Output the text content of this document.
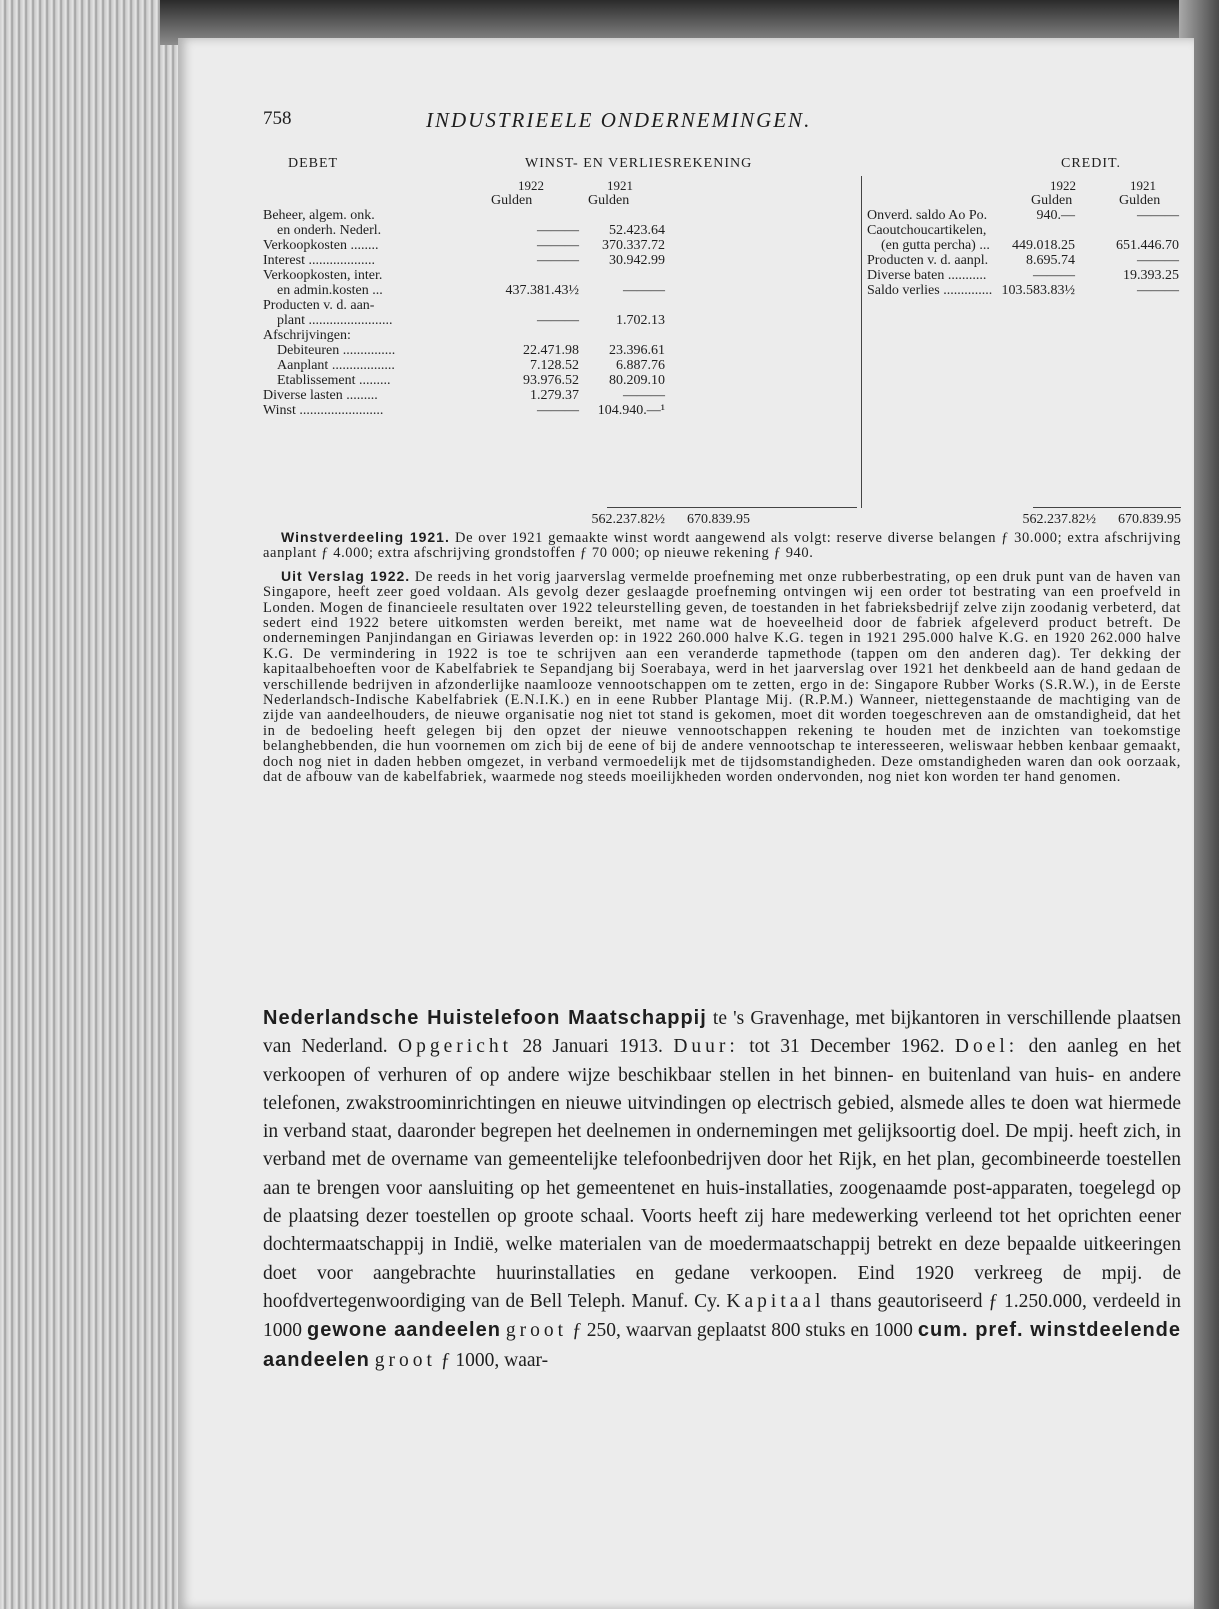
758	INDUSTRIEELE ONDERNEMINGEN.
DEBET	WINST- EN VERLIESREKENING	CREDIT.
1922
Gulden
1921
Gulden
1922
Gulden
1921
Gulden
Beheer, algem. onk.
en onderh. Nederl.	———	52.423.64
Verkoopkosten ........	———	370.337.72
Interest ...................	———	30.942.99
Verkoopkosten, inter.
en admin.kosten ...	437.381.43½	———
Producten v. d. aan-
plant ........................	———	1.702.13
Afschrijvingen:
Debiteuren ...............	22.471.98	23.396.61
Aanplant ..................	7.128.52	6.887.76
Etablissement .........	93.976.52	80.209.10
Diverse lasten .........	1.279.37	———
Winst ........................	———	104.940.—¹
Onverd. saldo Ao Po.	940.—	———
Caoutchoucartikelen,
(en gutta percha) ...	449.018.25	651.446.70
Producten v. d. aanpl.	8.695.74	———
Diverse baten ...........	———	19.393.25
Saldo verlies .............. 103.583.83½	———
562.237.82½	670.839.95	562.237.82½	670.839.95

Winstverdeeling 1921. De over 1921 gemaakte winst wordt aangewend als volgt: reserve diverse belangen ƒ 30.000; extra afschrijving aanplant ƒ 4.000; extra afschrijving grondstoffen ƒ 70 000; op nieuwe rekening ƒ 940.

Uit Verslag 1922. De reeds in het vorig jaarverslag vermelde proefneming met onze rubberbestrating, op een druk punt van de haven van Singapore, heeft zeer goed voldaan. Als gevolg dezer geslaagde proefneming ontvingen wij een order tot bestrating van een proefveld in Londen. Mogen de financieele resultaten over 1922 teleurstelling geven, de toestanden in het fabrieksbedrijf zelve zijn zoodanig verbeterd, dat sedert eind 1922 betere uitkomsten werden bereikt, met name wat de hoeveelheid door de fabriek afgeleverd product betreft. De ondernemingen Panjindangan en Giriawas leverden op: in 1922 260.000 halve K.G. tegen in 1921 295.000 halve K.G. en 1920 262.000 halve K.G. De vermindering in 1922 is toe te schrijven aan een veranderde tapmethode (tappen om den anderen dag). Ter dekking der kapitaalbehoeften voor de Kabelfabriek te Sepandjang bij Soerabaya, werd in het jaarverslag over 1921 het denkbeeld aan de hand gedaan de verschillende bedrijven in afzonderlijke naamlooze vennootschappen om te zetten, ergo in de: Singapore Rubber Works (S.R.W.), in de Eerste Nederlandsch-Indische Kabelfabriek (E.N.I.K.) en in eene Rubber Plantage Mij. (R.P.M.) Wanneer, niettegenstaande de machtiging van de zijde van aandeelhouders, de nieuwe organisatie nog niet tot stand is gekomen, moet dit worden toegeschreven aan de omstandigheid, dat het in de bedoeling heeft gelegen bij den opzet der nieuwe vennootschappen rekening te houden met de inzichten van toekomstige belanghebbenden, die hun voornemen om zich bij de eene of bij de andere vennootschap te interesseeren, weliswaar hebben kenbaar gemaakt, doch nog niet in daden hebben omgezet, in verband vermoedelijk met de tijdsomstandigheden. Deze omstandigheden waren dan ook oorzaak, dat de afbouw van de kabelfabriek, waarmede nog steeds moeilijkheden worden ondervonden, nog niet kon worden ter hand genomen.

Nederlandsche Huistelefoon Maatschappij te 's Gravenhage, met bijkantoren in verschillende plaatsen van Nederland. Opgericht 28 Januari 1913. Duur: tot 31 December 1962. Doel: den aanleg en het verkoopen of verhuren of op andere wijze beschikbaar stellen in het binnen- en buitenland van huis- en andere telefonen, zwakstroominrichtingen en nieuwe uitvindingen op electrisch gebied, alsmede alles te doen wat hiermede in verband staat, daaronder begrepen het deelnemen in ondernemingen met gelijksoortig doel. De mpij. heeft zich, in verband met de overname van gemeentelijke telefoonbedrijven door het Rijk, en het plan, gecombineerde toestellen aan te brengen voor aansluiting op het gemeentenet en huis-installaties, zoogenaamde post-apparaten, toegelegd op de plaatsing dezer toestellen op groote schaal. Voorts heeft zij hare medewerking verleend tot het oprichten eener dochtermaatschappij in Indië, welke materialen van de moedermaatschappij betrekt en deze bepaalde uitkeeringen doet voor aangebrachte huurinstallaties en gedane verkoopen. Eind 1920 verkreeg de mpij. de hoofdvertegenwoordiging van de Bell Teleph. Manuf. Cy. Kapitaal thans geautoriseerd ƒ 1.250.000, verdeeld in 1000 gewone aandeelen groot ƒ 250, waarvan geplaatst 800 stuks en 1000 cum. pref. winstdeelende aandeelen groot ƒ 1000, waar-
